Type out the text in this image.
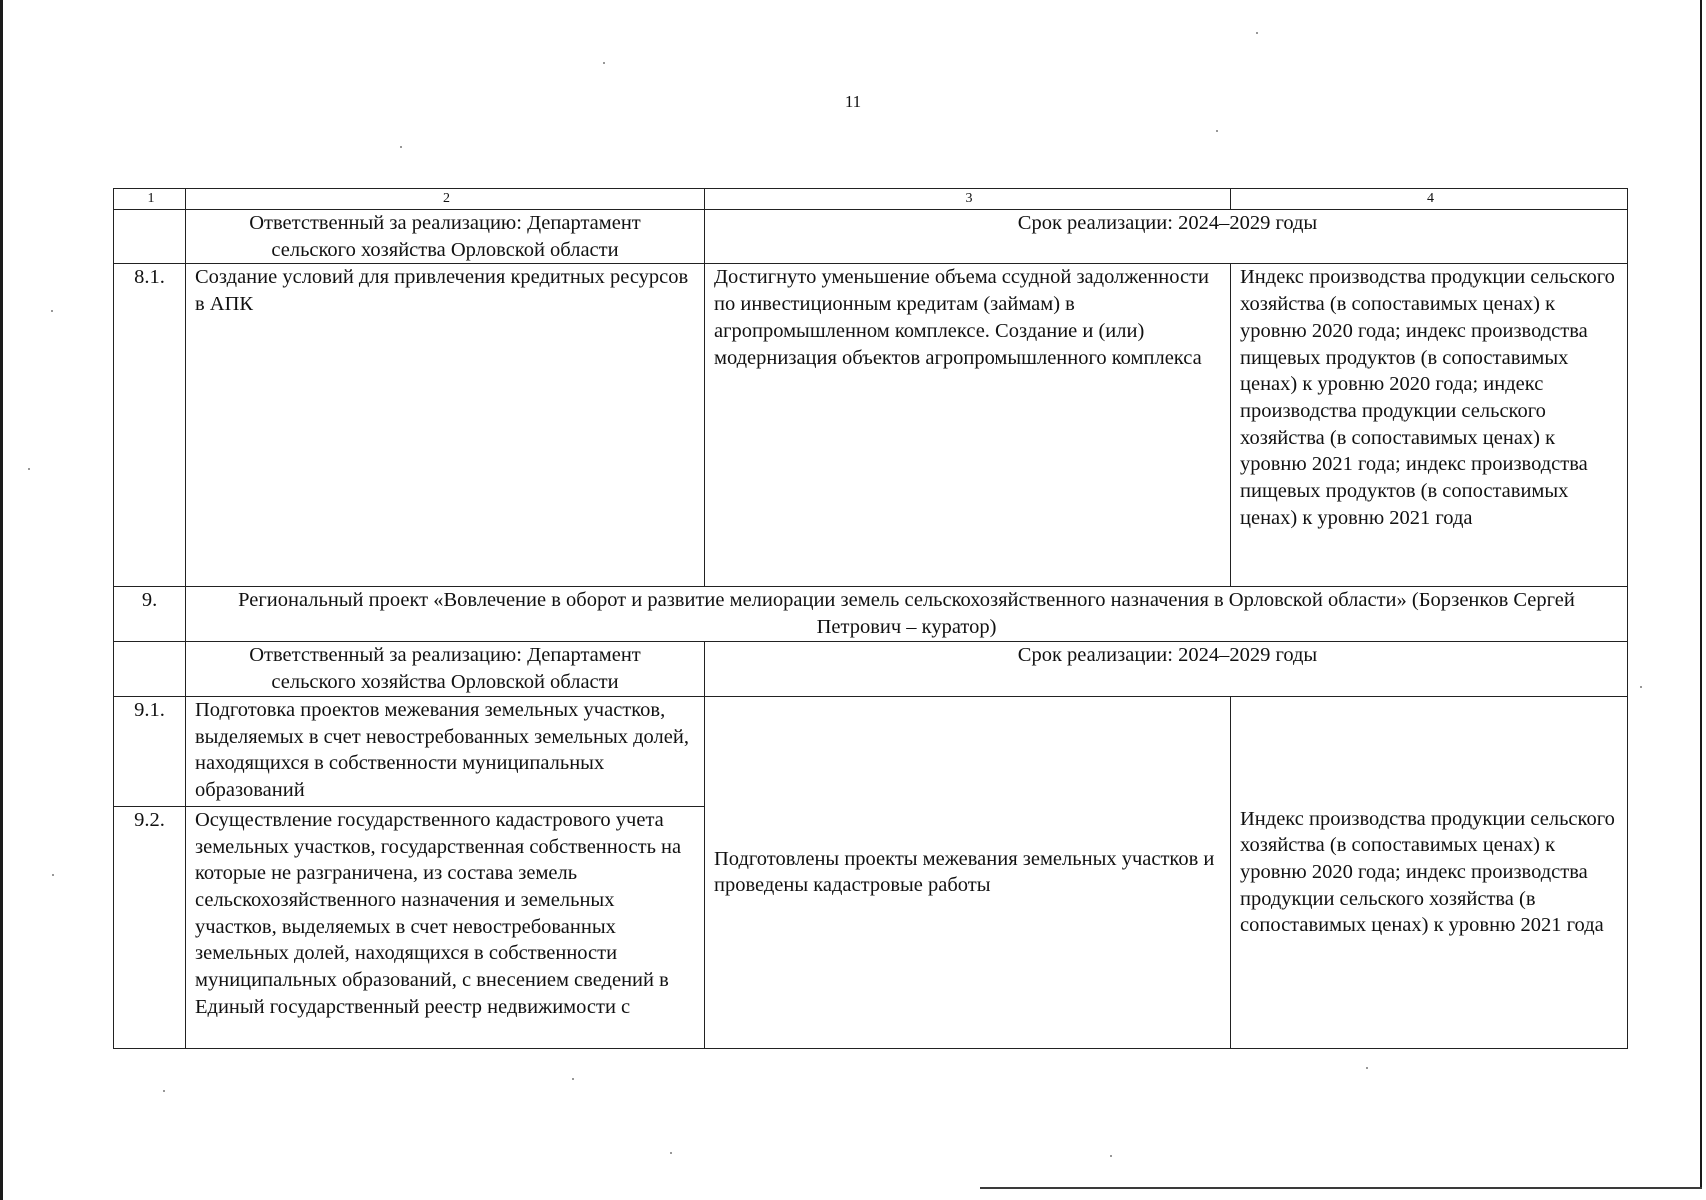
11
1	2	3	4
	Ответственный за реализацию: Департамент сельского хозяйства Орловской области	Срок реализации: 2024–2029 годы	
8.1.	Создание условий для привлечения кредитных ресурсов в АПК	Достигнуто уменьшение объема ссудной задолженности по инвестиционным кредитам (займам) в агропромышленном комплексе. Создание и (или) модернизация объектов агропромышленного комплекса	Индекс производства продукции сельского хозяйства (в сопоставимых ценах) к уровню 2020 года; индекс производства пищевых продуктов (в сопоставимых ценах) к уровню 2020 года; индекс производства продукции сельского хозяйства (в сопоставимых ценах) к уровню 2021 года; индекс производства пищевых продуктов (в сопоставимых ценах) к уровню 2021 года
9.	Региональный проект «Вовлечение в оборот и развитие мелиорации земель сельскохозяйственного назначения в Орловской области» (Борзенков Сергей Петрович – куратор)		
	Ответственный за реализацию: Департамент сельского хозяйства Орловской области	Срок реализации: 2024–2029 годы	
9.1.	Подготовка проектов межевания земельных участков, выделяемых в счет невостребованных земельных долей, находящихся в собственности муниципальных образований	Подготовлены проекты межевания земельных участков и проведены кадастровые работы	Индекс производства продукции сельского хозяйства (в сопоставимых ценах) к уровню 2020 года; индекс производства продукции сельского хозяйства (в сопоставимых ценах) к уровню 2021 года
9.2.	Осуществление государственного кадастрового учета земельных участков, государственная собственность на которые не разграничена, из состава земель сельскохозяйственного назначения и земельных участков, выделяемых в счет невостребованных земельных долей, находящихся в собственности муниципальных образований, с внесением сведений в Единый государственный реестр недвижимости с		
